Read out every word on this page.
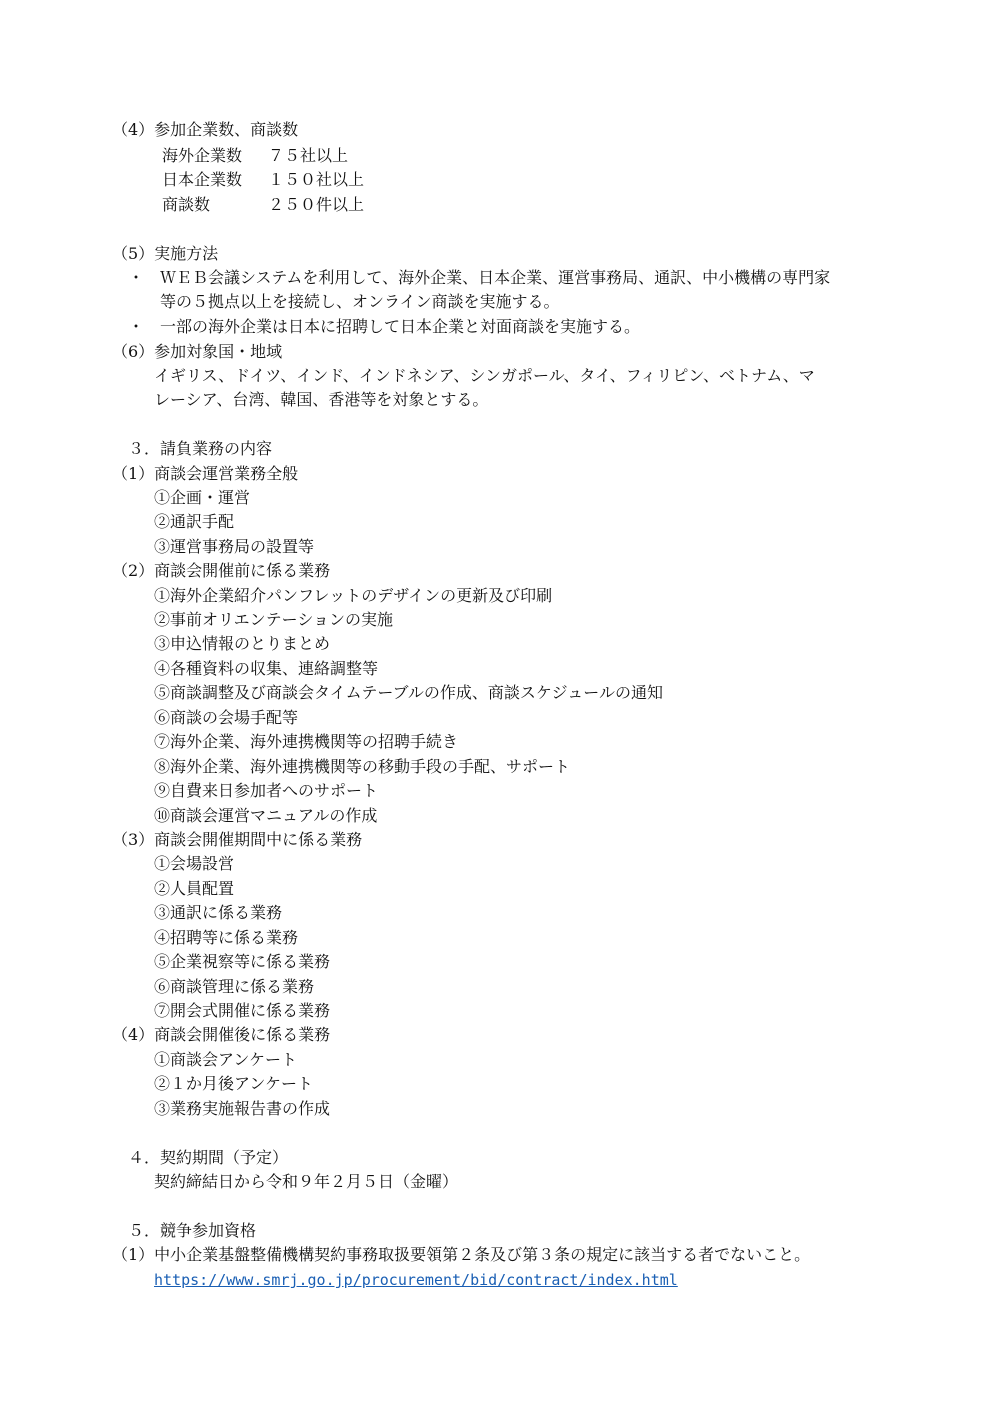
（4）参加企業数、商談数
海外企業数 ７５社以上
日本企業数 １５０社以上
商談数	２５０件以上
（5）実施方法
・ ＷＥＢ会議システムを利用して、海外企業、日本企業、運営事務局、通訳、中小機構の専門家
等の５拠点以上を接続し、オンライン商談を実施する。
・ 一部の海外企業は日本に招聘して日本企業と対面商談を実施する。
（6）参加対象国・地域
イギリス、ドイツ、インド、インドネシア、シンガポール、タイ、フィリピン、ベトナム、マ
レーシア、台湾、韓国、香港等を対象とする。
３．請負業務の内容
（1）商談会運営業務全般
①企画・運営
②通訳手配
③運営事務局の設置等
（2）商談会開催前に係る業務
①海外企業紹介パンフレットのデザインの更新及び印刷
②事前オリエンテーションの実施
③申込情報のとりまとめ
④各種資料の収集、連絡調整等
⑤商談調整及び商談会タイムテーブルの作成、商談スケジュールの通知
⑥商談の会場手配等
⑦海外企業、海外連携機関等の招聘手続き
⑧海外企業、海外連携機関等の移動手段の手配、サポート
⑨自費来日参加者へのサポート
⑩商談会運営マニュアルの作成
（3）商談会開催期間中に係る業務
①会場設営
②人員配置
③通訳に係る業務
④招聘等に係る業務
⑤企業視察等に係る業務
⑥商談管理に係る業務
⑦開会式開催に係る業務
（4）商談会開催後に係る業務
①商談会アンケート
②１か月後アンケート
③業務実施報告書の作成
４．契約期間（予定）
契約締結日から令和９年２月５日（金曜）
５．競争参加資格
（1）中小企業基盤整備機構契約事務取扱要領第２条及び第３条の規定に該当する者でないこと。
https://www.smrj.go.jp/procurement/bid/contract/index.html
